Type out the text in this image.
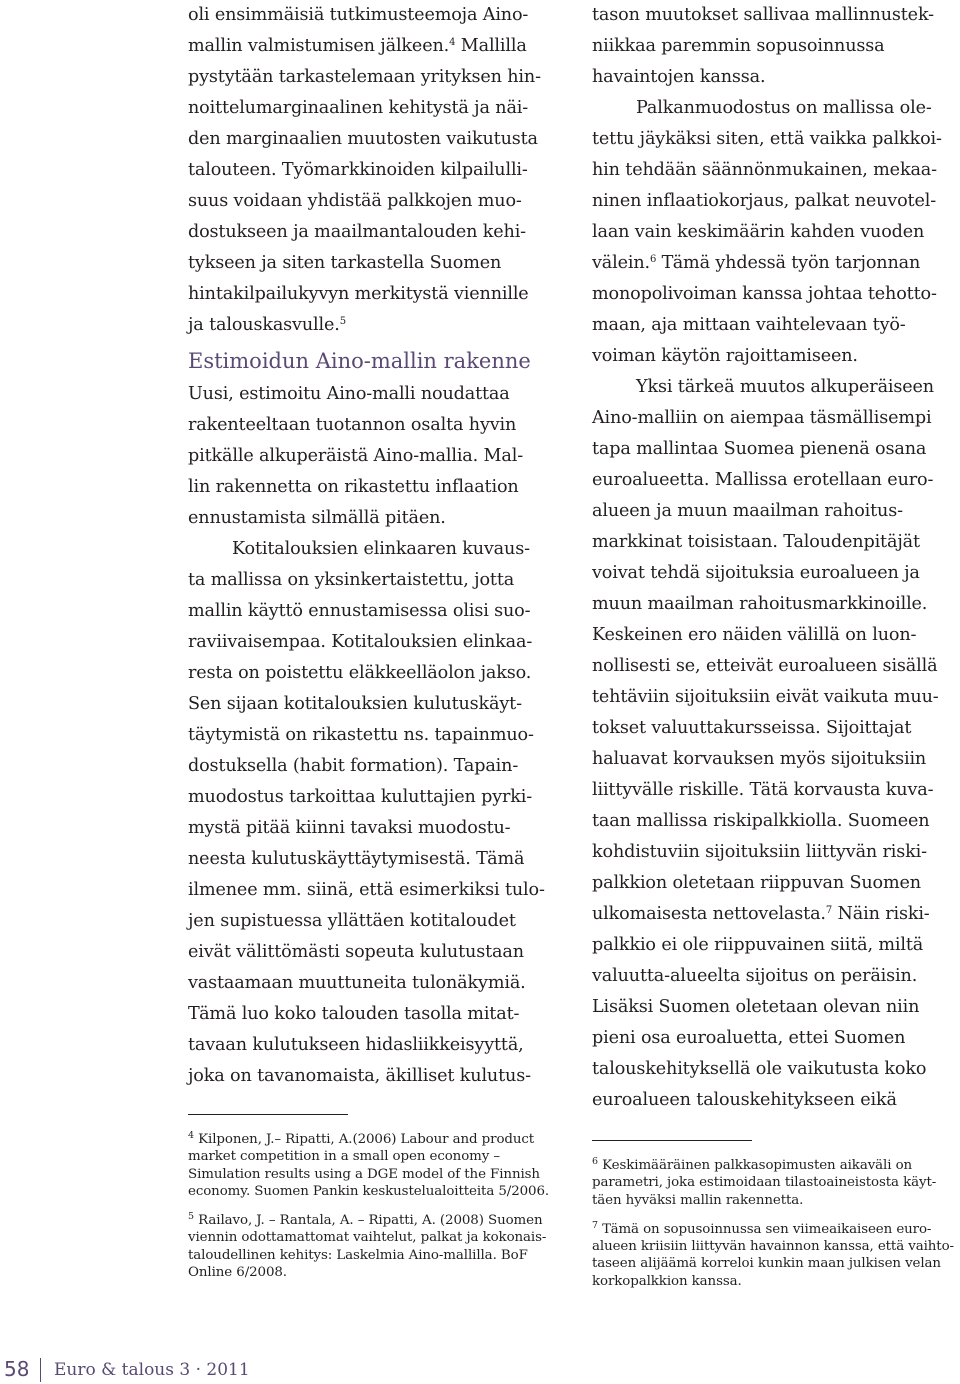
oli ensimmäisiä tutkimusteemoja Aino-
mallin valmistumisen jälkeen.$^4$ Mallilla
pystytään tarkastelemaan yrityksen hin-
noittelumarginaalinen kehitystä ja näi-
den marginaalien muutosten vaikutusta
talouteen. Työmarkkinoiden kilpailulli-
suus voidaan yhdistää palkkojen muo-
dostukseen ja maailmantalouden kehi-
tykseen ja siten tarkastella Suomen
hintakilpailukyvyn merkitystä viennille
ja talouskasvulle.$^5$
Estimoidun Aino-mallin rakenne
Uusi, estimoitu Aino-malli noudattaa
rakenteeltaan tuotannon osalta hyvin
pitkälle alkuperäistä Aino-mallia. Mal-
lin rakennetta on rikastettu inflaation
ennustamista silmällä pitäen.
Kotitalouksien elinkaaren kuvaus-
ta mallissa on yksinkertaistettu, jotta
mallin käyttö ennustamisessa olisi suo-
raviivaisempaa. Kotitalouksien elinkaa-
resta on poistettu eläkkeelläolon jakso.
Sen sijaan kotitalouksien kulutuskäyt-
täytymistä on rikastettu ns. tapainmuo-
dostuksella (habit formation). Tapain-
muodostus tarkoittaa kuluttajien pyrki-
mystä pitää kiinni tavaksi muodostu-
neesta kulutuskäyttäytymisestä. Tämä
ilmenee mm. siinä, että esimerkiksi tulo-
jen supistuessa yllättäen kotitaloudet
eivät välittömästi sopeuta kulutustaan
vastaamaan muuttuneita tulonäkymiä.
Tämä luo koko talouden tasolla mitat-
tavaan kulutukseen hidasliikkeisyyttä,
joka on tavanomaista, äkilliset kulutus-
$^4$ Kilponen, J.– Ripatti, A.(2006) Labour and product
market competition in a small open economy –
Simulation results using a DGE model of the Finnish
economy. Suomen Pankin keskustelualoitteita 5/2006.
$^5$ Railavo, J. – Rantala, A. – Ripatti, A. (2008) Suomen
viennin odottamattomat vaihtelut, palkat ja kokonais-
taloudellinen kehitys: Laskelmia Aino-mallilla. BoF
Online 6/2008.
tason muutokset sallivaa mallinnustek-
niikkaa paremmin sopusoinnussa
havaintojen kanssa.
Palkanmuodostus on mallissa ole-
tettu jäykäksi siten, että vaikka palkkoi-
hin tehdään säännönmukainen, mekaa-
ninen inflaatiokorjaus, palkat neuvotel-
laan vain keskimäärin kahden vuoden
välein.$^6$ Tämä yhdessä työn tarjonnan
monopolivoiman kanssa johtaa tehotto-
maan, aja mittaan vaihtelevaan työ-
voiman käytön rajoittamiseen.
Yksi tärkeä muutos alkuperäiseen
Aino-malliin on aiempaa täsmällisempi
tapa mallintaa Suomea pienenä osana
euroalueetta. Mallissa erotellaan euro-
alueen ja muun maailman rahoitus-
markkinat toisistaan. Taloudenpitäjät
voivat tehdä sijoituksia euroalueen ja
muun maailman rahoitusmarkkinoille.
Keskeinen ero näiden välillä on luon-
nollisesti se, etteivät euroalueen sisällä
tehtäviin sijoituksiin eivät vaikuta muu-
tokset valuuttakursseissa. Sijoittajat
haluavat korvauksen myös sijoituksiin
liittyvälle riskille. Tätä korvausta kuva-
taan mallissa riskipalkkiolla. Suomeen
kohdistuviin sijoituksiin liittyvän riski-
palkkion oletetaan riippuvan Suomen
ulkomaisesta nettovelasta.$^7$ Näin riski-
palkkio ei ole riippuvainen siitä, miltä
valuutta-alueelta sijoitus on peräisin.
Lisäksi Suomen oletetaan olevan niin
pieni osa euroaluetta, ettei Suomen
talouskehityksellä ole vaikutusta koko
euroalueen talouskehitykseen eikä
$^6$ Keskimääräinen palkkasopimusten aikaväli on
parametri, joka estimoidaan tilastoaineistosta käyt-
täen hyväksi mallin rakennetta.
$^7$ Tämä on sopusoinnussa sen viimeaikaiseen euro-
alueen kriisiin liittyvän havainnon kanssa, että vaihto-
taseen alijäämä korreloi kunkin maan julkisen velan
korkopalkkion kanssa.
58 Euro & talous 3 · 2011
